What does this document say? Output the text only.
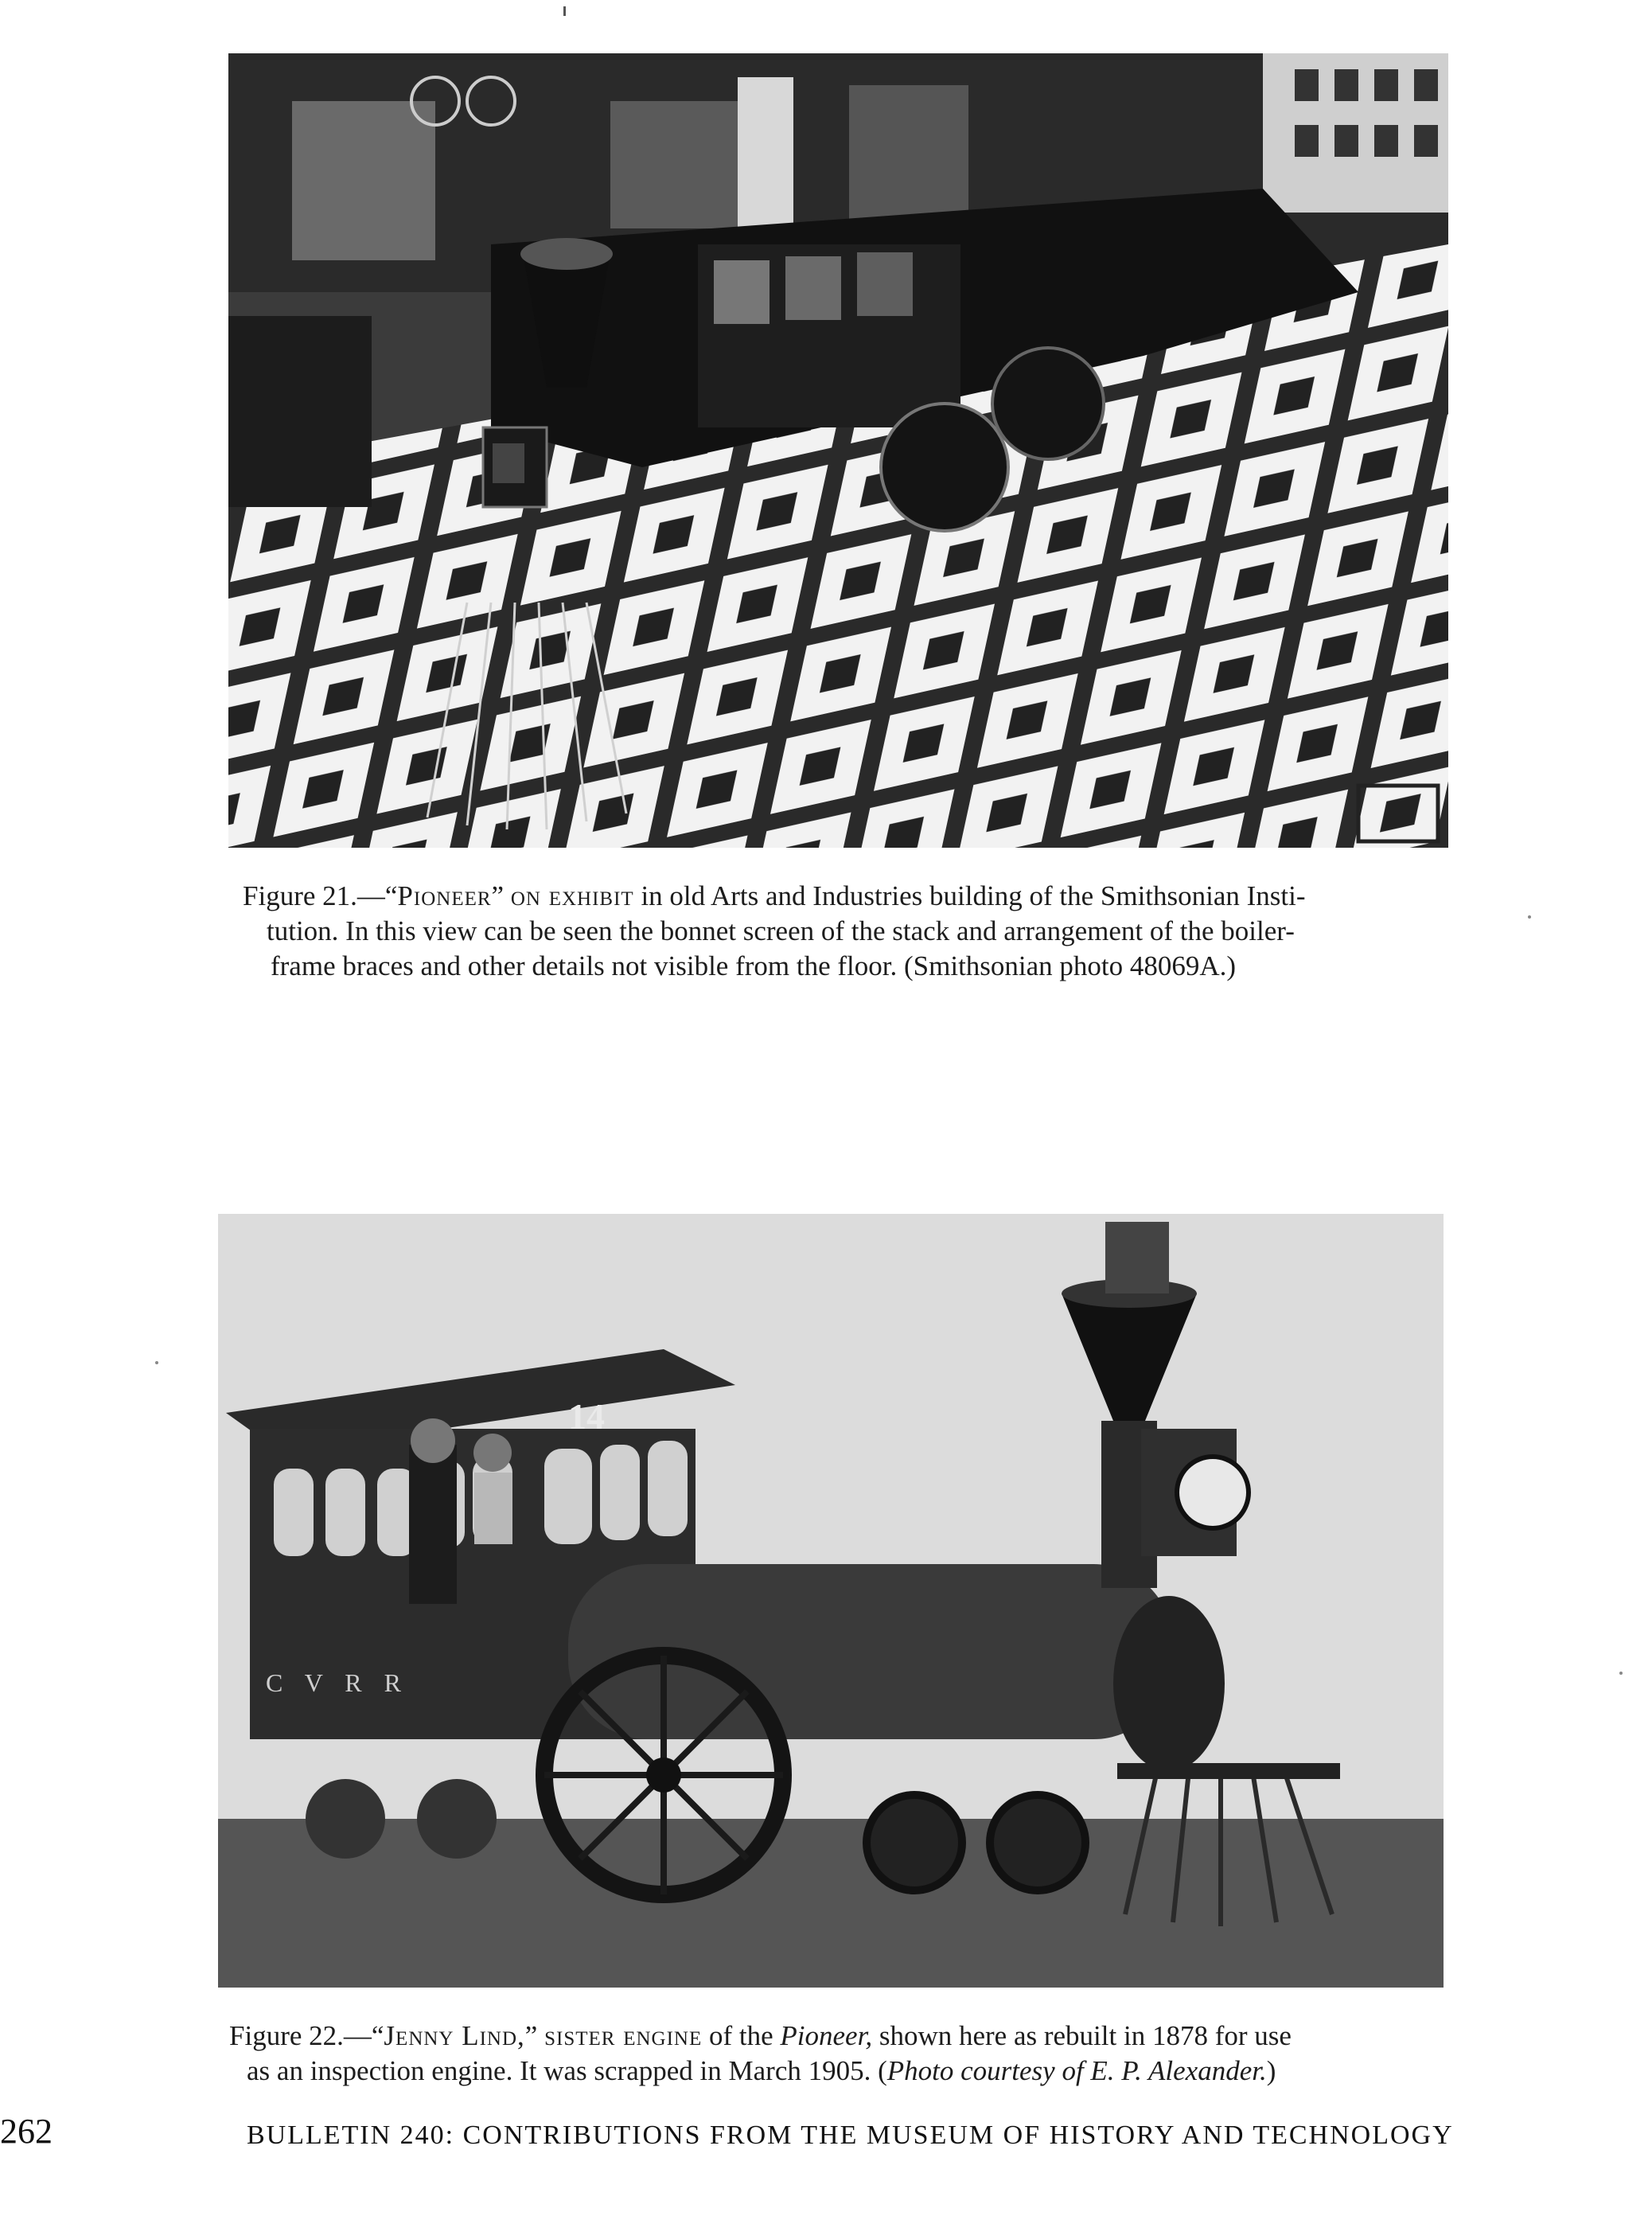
Figure 21.—“Pioneer” on exhibit in old Arts and Industries building of the Smithsonian Insti-
tution. In this view can be seen the bonnet screen of the stack and arrangement of the boiler-
frame braces and other details not visible from the floor. (Smithsonian photo 48069A.)
14
C V R R
Figure 22.—“Jenny Lind,” sister engine of the Pioneer, shown here as rebuilt in 1878 for use
as an inspection engine. It was scrapped in March 1905. (Photo courtesy of E. P. Alexander.)
262	BULLETIN 240: CONTRIBUTIONS FROM THE MUSEUM OF HISTORY AND TECHNOLOGY
